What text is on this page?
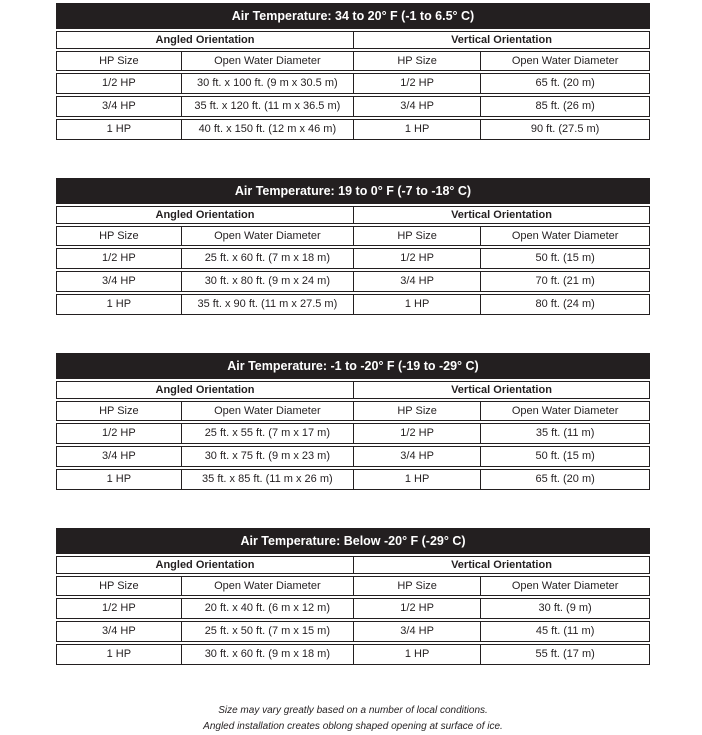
Air Temperature: 34 to 20° F (-1 to 6.5° C)
Angled Orientation	Vertical Orientation
HP Size	Open Water Diameter	HP Size	Open Water Diameter
1/2 HP	30 ft. x 100 ft. (9 m x 30.5 m)	1/2 HP	65 ft. (20 m)
3/4 HP	35 ft. x 120 ft. (11 m x 36.5 m)	3/4 HP	85 ft. (26 m)
1 HP	40 ft. x 150 ft. (12 m x 46 m)	1 HP	90 ft. (27.5 m)
Air Temperature: 19 to 0° F (-7 to -18° C)
Angled Orientation	Vertical Orientation
HP Size	Open Water Diameter	HP Size	Open Water Diameter
1/2 HP	25 ft. x 60 ft. (7 m x 18 m)	1/2 HP	50 ft. (15 m)
3/4 HP	30 ft. x 80 ft. (9 m x 24 m)	3/4 HP	70 ft. (21 m)
1 HP	35 ft. x 90 ft. (11 m x 27.5 m)	1 HP	80 ft. (24 m)
Air Temperature: -1 to -20° F (-19 to -29° C)
Angled Orientation	Vertical Orientation
HP Size	Open Water Diameter	HP Size	Open Water Diameter
1/2 HP	25 ft. x 55 ft. (7 m x 17 m)	1/2 HP	35 ft. (11 m)
3/4 HP	30 ft. x 75 ft. (9 m x 23 m)	3/4 HP	50 ft. (15 m)
1 HP	35 ft. x 85 ft. (11 m x 26 m)	1 HP	65 ft. (20 m)
Air Temperature: Below -20° F (-29° C)
Angled Orientation	Vertical Orientation
HP Size	Open Water Diameter	HP Size	Open Water Diameter
1/2 HP	20 ft. x 40 ft. (6 m x 12 m)	1/2 HP	30 ft. (9 m)
3/4 HP	25 ft. x 50 ft. (7 m x 15 m)	3/4 HP	45 ft. (11 m)
1 HP	30 ft. x 60 ft. (9 m x 18 m)	1 HP	55 ft. (17 m)

Size may vary greatly based on a number of local conditions.

Angled installation creates oblong shaped opening at surface of ice.
